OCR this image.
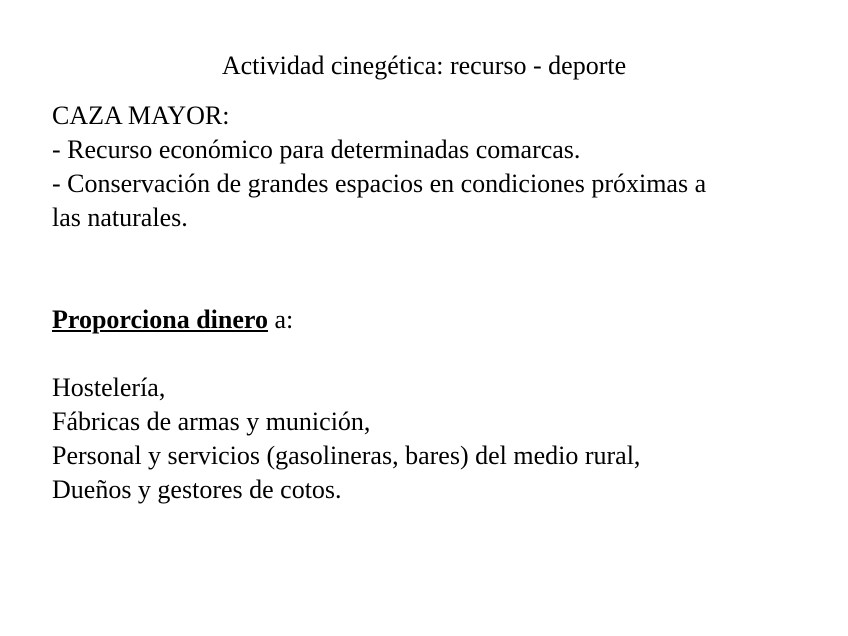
Actividad cinegética: recurso - deporte
CAZA MAYOR:
- Recurso económico para determinadas comarcas.
- Conservación de grandes espacios en condiciones próximas a
las naturales.
Proporciona dinero a:
Hostelería,
Fábricas de armas y munición,
Personal y servicios (gasolineras, bares) del medio rural,
Dueños y gestores de cotos.
